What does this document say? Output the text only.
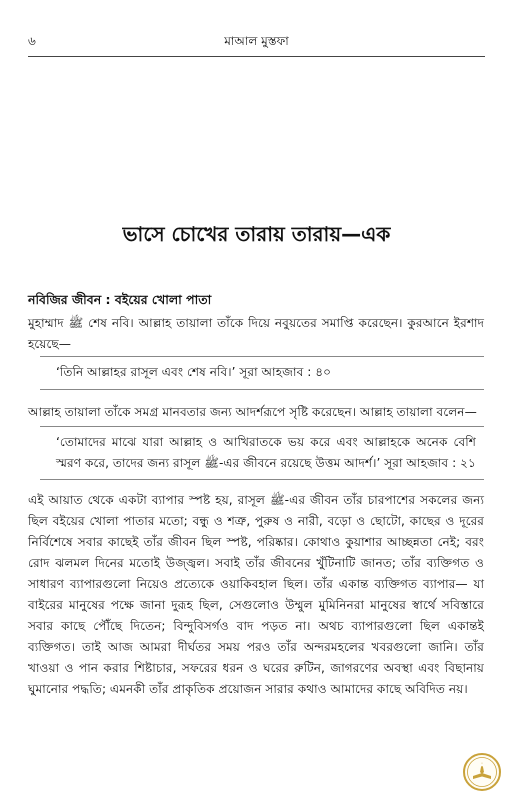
৬	মাআল মুস্তফা
ভাসে চোখের তারায় তারায়—এক
নবিজির জীবন : বইয়ের খোলা পাতা
মুহাম্মাদ ﷺ শেষ নবি। আল্লাহ তায়ালা তাঁকে দিয়ে নবুয়তের সমাপ্তি করেছেন। কুরআনে ইরশাদ হয়েছে—
‘তিনি আল্লাহর রাসূল এবং শেষ নবি।’ সূরা আহজাব : ৪০
আল্লাহ তায়ালা তাঁকে সমগ্র মানবতার জন্য আদর্শরূপে সৃষ্টি করেছেন। আল্লাহ তায়ালা বলেন—
‘তোমাদের মাঝে যারা আল্লাহ ও আখিরাতকে ভয় করে এবং আল্লাহকে অনেক বেশি স্মরণ করে, তাদের জন্য রাসূল ﷺ-এর জীবনে রয়েছে উত্তম আদর্শ।’ সূরা আহজাব : ২১
এই আয়াত থেকে একটা ব্যাপার স্পষ্ট হয়, রাসূল ﷺ-এর জীবন তাঁর চারপাশের সকলের জন্য ছিল বইয়ের খোলা পাতার মতো; বন্ধু ও শত্রু, পুরুষ ও নারী, বড়ো ও ছোটো, কাছের ও দূরের নির্বিশেষে সবার কাছেই তাঁর জীবন ছিল স্পষ্ট, পরিষ্কার। কোথাও কুয়াশার আচ্ছন্নতা নেই; বরং রোদ ঝলমল দিনের মতোই উজ্জ্বল। সবাই তাঁর জীবনের খুঁটিনাটি জানত; তাঁর ব্যক্তিগত ও সাধারণ ব্যাপারগুলো নিয়েও প্রত্যেকে ওয়াকিবহাল ছিল। তাঁর একান্ত ব্যক্তিগত ব্যাপার— যা বাইরের মানুষের পক্ষে জানা দুরূহ ছিল, সেগুলোও উম্মুল মুমিনিনরা মানুষের স্বার্থে সবিস্তারে সবার কাছে পৌঁছে দিতেন; বিন্দুবিসর্গও বাদ পড়ত না। অথচ ব্যাপারগুলো ছিল একান্তই ব্যক্তিগত। তাই আজ আমরা দীর্ঘতর সময় পরও তাঁর অন্দরমহলের খবরগুলো জানি। তাঁর খাওয়া ও পান করার শিষ্টাচার, সফরের ধরন ও ঘরের রুটিন, জাগরণের অবস্থা এবং বিছানায় ঘুমানোর পদ্ধতি; এমনকী তাঁর প্রাকৃতিক প্রয়োজন সারার কথাও আমাদের কাছে অবিদিত নয়।
